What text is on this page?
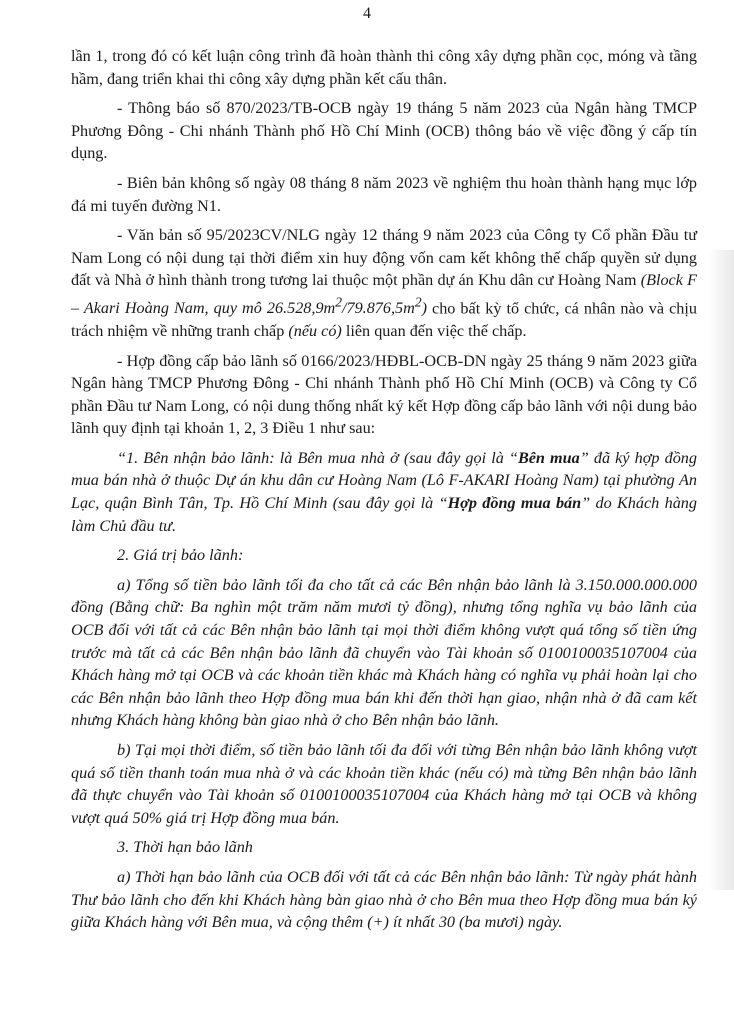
4

lần 1, trong đó có kết luận công trình đã hoàn thành thi công xây dựng phần cọc, móng và tầng hầm, đang triển khai thi công xây dựng phần kết cấu thân.

- Thông báo số 870/2023/TB-OCB ngày 19 tháng 5 năm 2023 của Ngân hàng TMCP Phương Đông - Chi nhánh Thành phố Hồ Chí Minh (OCB) thông báo về việc đồng ý cấp tín dụng.

- Biên bản không số ngày 08 tháng 8 năm 2023 về nghiệm thu hoàn thành hạng mục lớp đá mi tuyến đường N1.

- Văn bản số 95/2023CV/NLG ngày 12 tháng 9 năm 2023 của Công ty Cổ phần Đầu tư Nam Long có nội dung tại thời điểm xin huy động vốn cam kết không thế chấp quyền sử dụng đất và Nhà ở hình thành trong tương lai thuộc một phần dự án Khu dân cư Hoàng Nam (Block F – Akari Hoàng Nam, quy mô $26.528,9m^2/79.876,5m^2$) cho bất kỳ tổ chức, cá nhân nào và chịu trách nhiệm về những tranh chấp (nếu có) liên quan đến việc thế chấp.

- Hợp đồng cấp bảo lãnh số 0166/2023/HĐBL-OCB-DN ngày 25 tháng 9 năm 2023 giữa Ngân hàng TMCP Phương Đông - Chi nhánh Thành phố Hồ Chí Minh (OCB) và Công ty Cổ phần Đầu tư Nam Long, có nội dung thống nhất ký kết Hợp đồng cấp bảo lãnh với nội dung bảo lãnh quy định tại khoản 1, 2, 3 Điều 1 như sau:

“1. Bên nhận bảo lãnh: là Bên mua nhà ở (sau đây gọi là “Bên mua” đã ký hợp đồng mua bán nhà ở thuộc Dự án khu dân cư Hoàng Nam (Lô F-AKARI Hoàng Nam) tại phường An Lạc, quận Bình Tân, Tp. Hồ Chí Minh (sau đây gọi là “Hợp đồng mua bán” do Khách hàng làm Chủ đầu tư.

2. Giá trị bảo lãnh:

a) Tổng số tiền bảo lãnh tối đa cho tất cả các Bên nhận bảo lãnh là 3.150.000.000.000 đồng (Bằng chữ: Ba nghìn một trăm năm mươi tỷ đồng), nhưng tổng nghĩa vụ bảo lãnh của OCB đối với tất cả các Bên nhận bảo lãnh tại mọi thời điểm không vượt quá tổng số tiền ứng trước mà tất cả các Bên nhận bảo lãnh đã chuyển vào Tài khoản số 0100100035107004 của Khách hàng mở tại OCB và các khoản tiền khác mà Khách hàng có nghĩa vụ phải hoàn lại cho các Bên nhận bảo lãnh theo Hợp đồng mua bán khi đến thời hạn giao, nhận nhà ở đã cam kết nhưng Khách hàng không bàn giao nhà ở cho Bên nhận bảo lãnh.

b) Tại mọi thời điểm, số tiền bảo lãnh tối đa đối với từng Bên nhận bảo lãnh không vượt quá số tiền thanh toán mua nhà ở và các khoản tiền khác (nếu có) mà từng Bên nhận bảo lãnh đã thực chuyển vào Tài khoản số 0100100035107004 của Khách hàng mở tại OCB và không vượt quá 50% giá trị Hợp đồng mua bán.

3. Thời hạn bảo lãnh

a) Thời hạn bảo lãnh của OCB đối với tất cả các Bên nhận bảo lãnh: Từ ngày phát hành Thư bảo lãnh cho đến khi Khách hàng bàn giao nhà ở cho Bên mua theo Hợp đồng mua bán ký giữa Khách hàng với Bên mua, và cộng thêm (+) ít nhất 30 (ba mươi) ngày.
